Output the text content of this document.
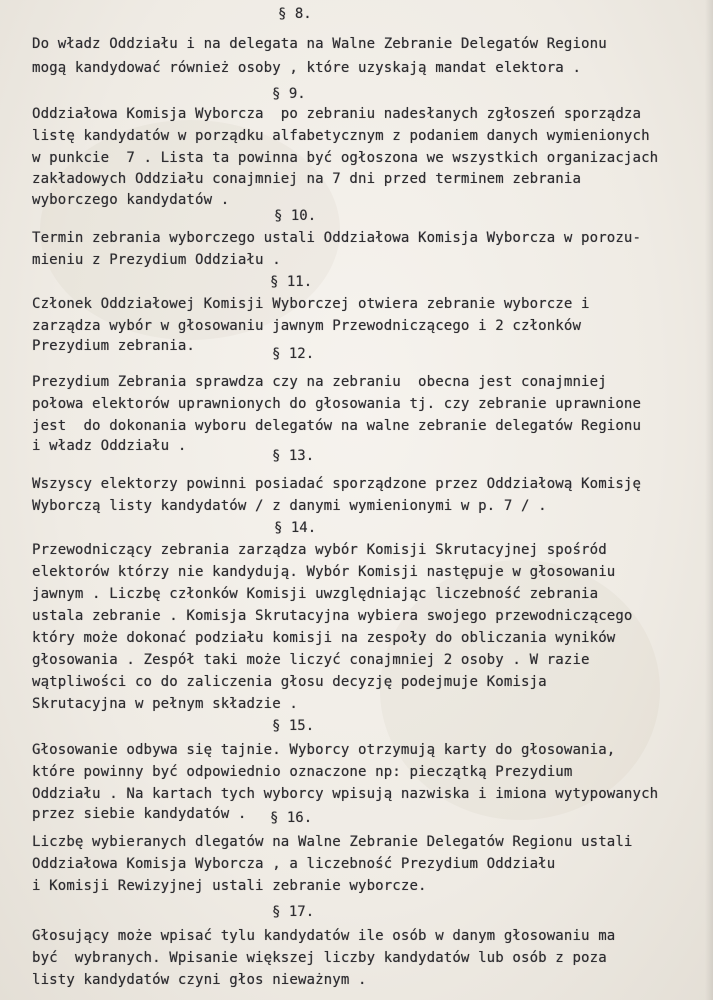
§ 8.
Do władz Oddziału i na delegata na Walne Zebranie Delegatów Regionu
mogą kandydować również osoby , które uzyskają mandat elektora .
§ 9.
Oddziałowa Komisja Wyborcza  po zebraniu nadesłanych zgłoszeń sporządza
listę kandydatów w porządku alfabetycznym z podaniem danych wymienionych
w punkcie  7 . Lista ta powinna być ogłoszona we wszystkich organizacjach
zakładowych Oddziału conajmniej na 7 dni przed terminem zebrania
wyborczego kandydatów .
§ 10.
Termin zebrania wyborczego ustali Oddziałowa Komisja Wyborcza w porozu-
mieniu z Prezydium Oddziału .
§ 11.
Członek Oddziałowej Komisji Wyborczej otwiera zebranie wyborcze i
zarządza wybór w głosowaniu jawnym Przewodniczącego i 2 członków
Prezydium zebrania.	§ 12.
Prezydium Zebrania sprawdza czy na zebraniu  obecna jest conajmniej
połowa elektorów uprawnionych do głosowania tj. czy zebranie uprawnione
jest  do dokonania wyboru delegatów na walne zebranie delegatów Regionu
i władz Oddziału .
§ 13.
Wszyscy elektorzy powinni posiadać sporządzone przez Oddziałową Komisję
Wyborczą listy kandydatów / z danymi wymienionymi w p. 7 / .
§ 14.
Przewodniczący zebrania zarządza wybór Komisji Skrutacyjnej spośród
elektorów którzy nie kandydują. Wybór Komisji następuje w głosowaniu
jawnym . Liczbę członków Komisji uwzględniając liczebność zebrania
ustala zebranie . Komisja Skrutacyjna wybiera swojego przewodniczącego
który może dokonać podziału komisji na zespoły do obliczania wyników
głosowania . Zespół taki może liczyć conajmniej 2 osoby . W razie
wątpliwości co do zaliczenia głosu decyzję podejmuje Komisja
Skrutacyjna w pełnym składzie .
§ 15.
Głosowanie odbywa się tajnie. Wyborcy otrzymują karty do głosowania,
które powinny być odpowiednio oznaczone np: pieczątką Prezydium
Oddziału . Na kartach tych wyborcy wpisują nazwiska i imiona wytypowanych
przez siebie kandydatów . § 16.
Liczbę wybieranych dlegatów na Walne Zebranie Delegatów Regionu ustali
Oddziałowa Komisja Wyborcza , a liczebność Prezydium Oddziału
i Komisji Rewizyjnej ustali zebranie wyborcze.
§ 17.
Głosujący może wpisać tylu kandydatów ile osób w danym głosowaniu ma
być  wybranych. Wpisanie większej liczby kandydatów lub osób z poza
listy kandydatów czyni głos nieważnym .
